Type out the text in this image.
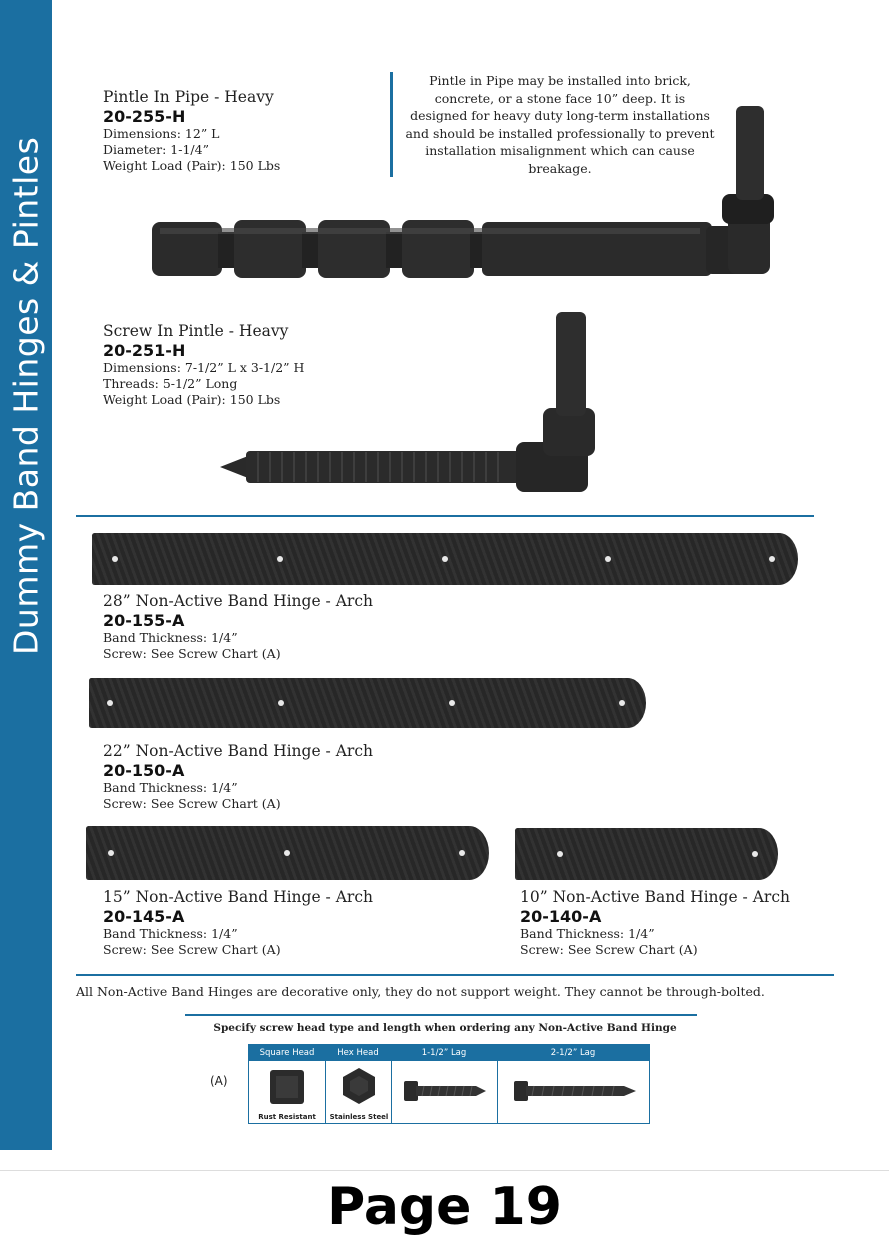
Dummy Band Hinges & Pintles
Pintle In Pipe - Heavy
20-255-H
Dimensions: 12” L
Diameter: 1-1/4”
Weight Load (Pair): 150 Lbs
Pintle in Pipe may be installed into brick, concrete, or a stone face 10” deep. It is designed for heavy duty long-term installations and should be installed professionally to prevent installation misalignment which can cause breakage.
Screw In Pintle - Heavy
20-251-H
Dimensions: 7-1/2” L x 3-1/2” H
Threads: 5-1/2” Long
Weight Load (Pair): 150 Lbs
28” Non-Active Band Hinge - Arch
20-155-A
Band Thickness: 1/4”
Screw: See Screw Chart (A)
22” Non-Active Band Hinge - Arch
20-150-A
Band Thickness: 1/4”
Screw: See Screw Chart (A)
15” Non-Active Band Hinge - Arch
20-145-A
Band Thickness: 1/4”
Screw: See Screw Chart (A)
10” Non-Active Band Hinge - Arch
20-140-A
Band Thickness: 1/4”
Screw: See Screw Chart (A)
All Non-Active Band Hinges are decorative only, they do not support weight. They cannot be through-bolted.
Specify screw head type and length when ordering any Non-Active Band Hinge
(A)
Square Head	Hex Head	1-1/2” Lag	2-1/2” Lag
Rust Resistant	Stainless Steel
Page 19
